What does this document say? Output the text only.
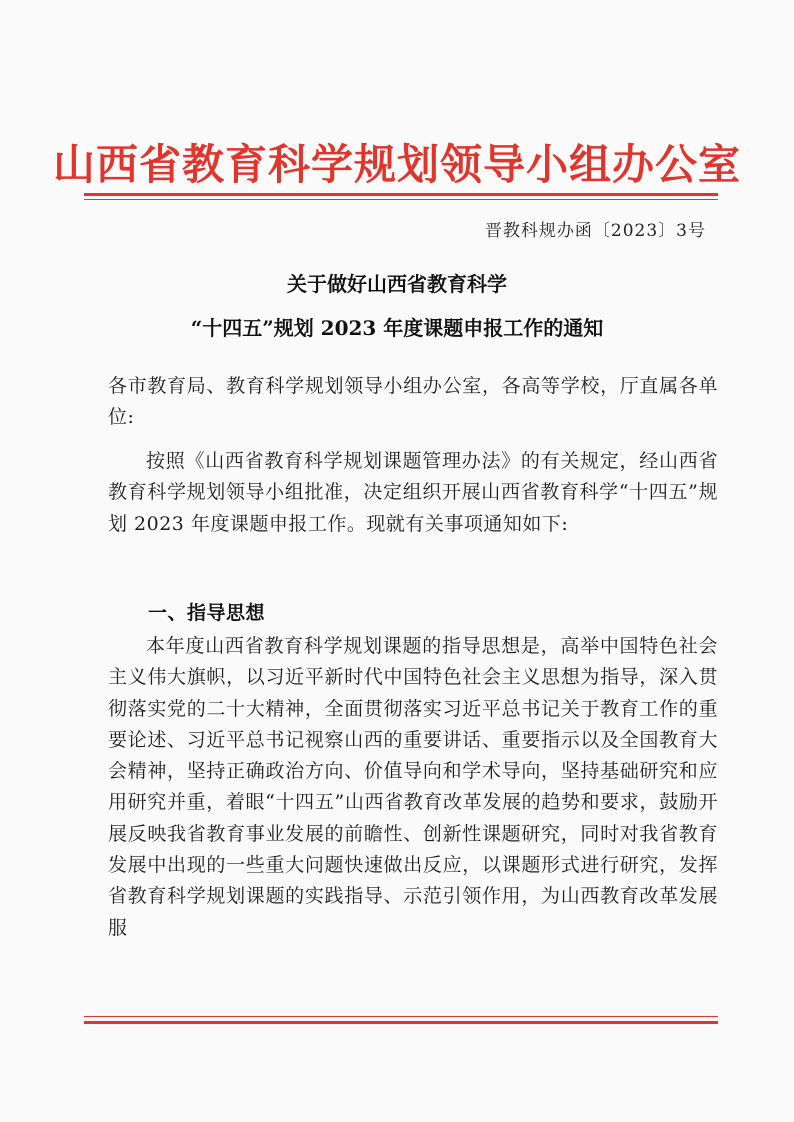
山西省教育科学规划领导小组办公室
晋教科规办函〔2023〕3号
关于做好山西省教育科学
“十四五”规划 2023 年度课题申报工作的通知

各市教育局、教育科学规划领导小组办公室，各高等学校，厅直属各单位:

按照《山西省教育科学规划课题管理办法》的有关规定，经山西省教育科学规划领导小组批准，决定组织开展山西省教育科学“十四五”规划 2023 年度课题申报工作。现就有关事项通知如下:

一、指导思想

本年度山西省教育科学规划课题的指导思想是，高举中国特色社会主义伟大旗帜，以习近平新时代中国特色社会主义思想为指导，深入贯彻落实党的二十大精神，全面贯彻落实习近平总书记关于教育工作的重要论述、习近平总书记视察山西的重要讲话、重要指示以及全国教育大会精神，坚持正确政治方向、价值导向和学术导向，坚持基础研究和应用研究并重，着眼“十四五”山西省教育改革发展的趋势和要求，鼓励开展反映我省教育事业发展的前瞻性、创新性课题研究，同时对我省教育发展中出现的一些重大问题快速做出反应，以课题形式进行研究，发挥省教育科学规划课题的实践指导、示范引领作用，为山西教育改革发展服
